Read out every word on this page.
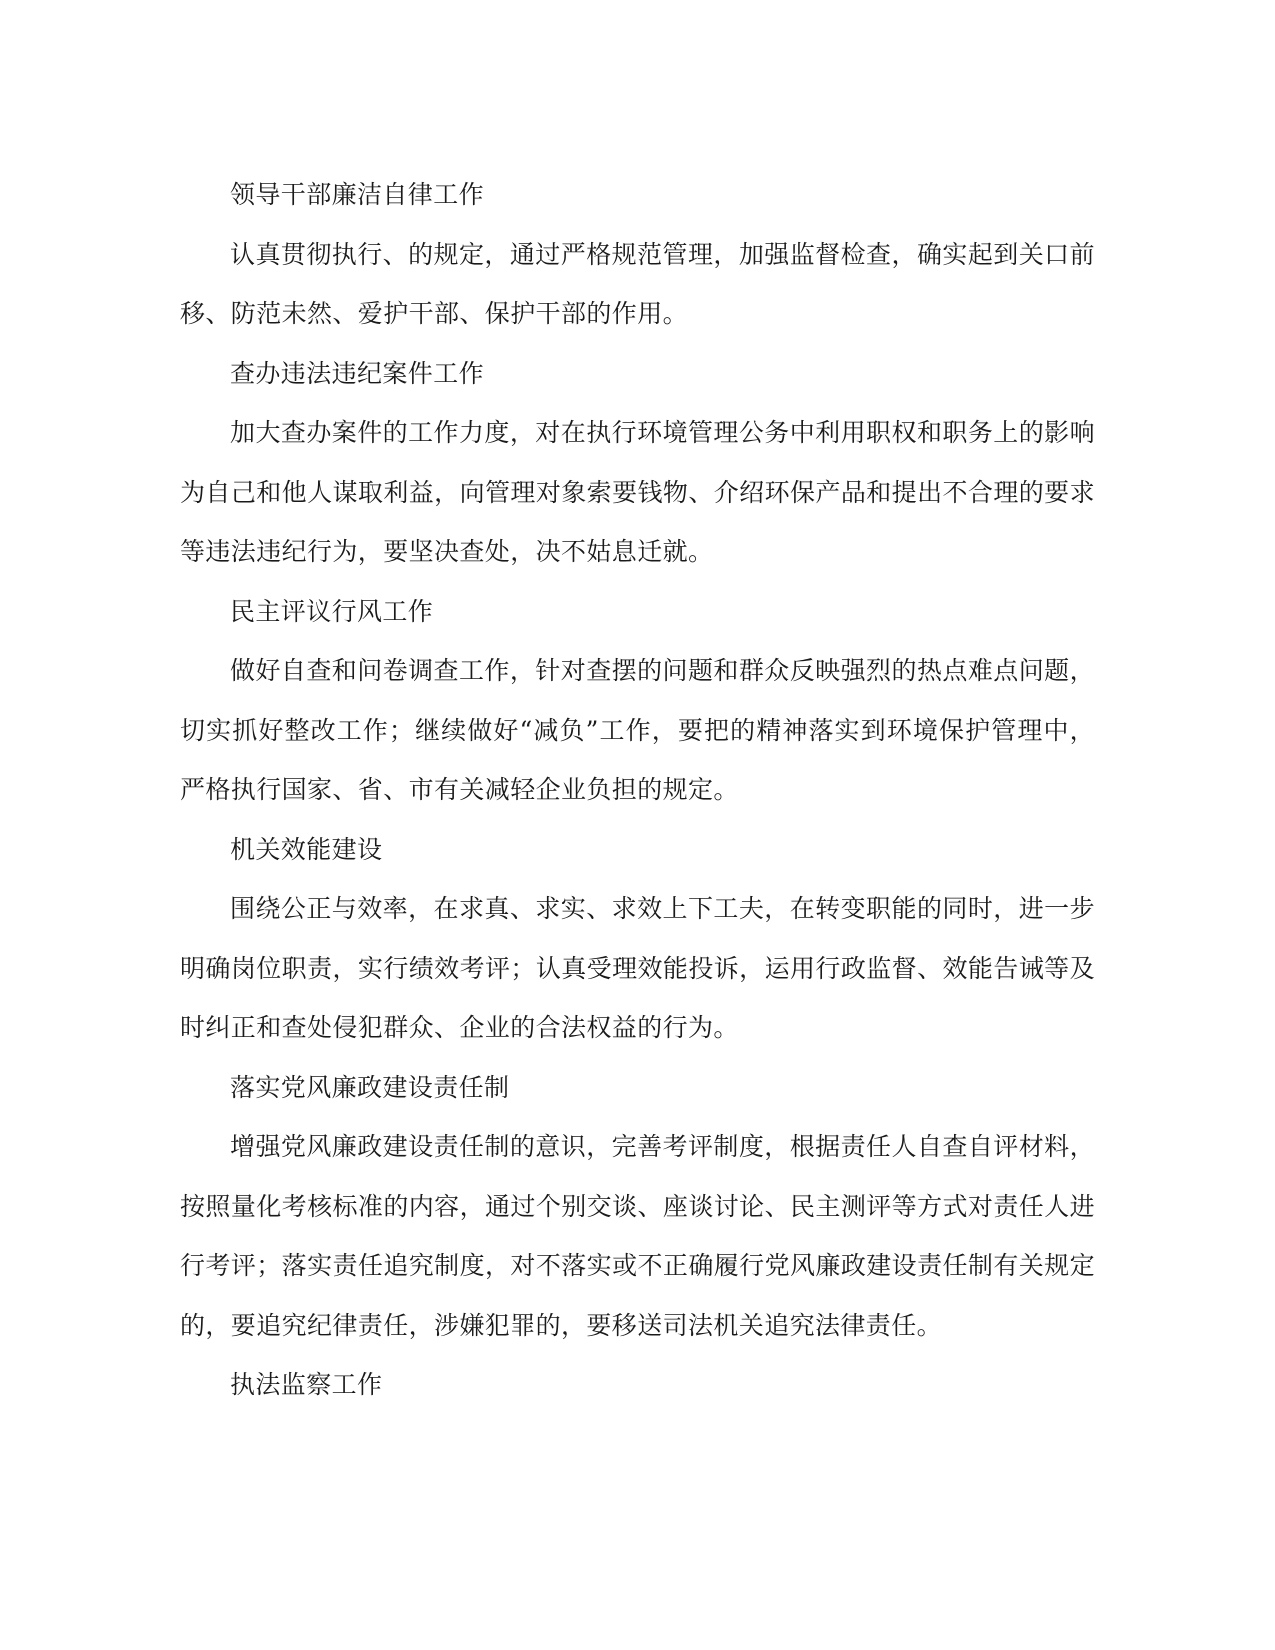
领导干部廉洁自律工作

认真贯彻执行、的规定，通过严格规范管理，加强监督检查，确实起到关口前移、防范未然、爱护干部、保护干部的作用。

查办违法违纪案件工作

加大查办案件的工作力度，对在执行环境管理公务中利用职权和职务上的影响为自己和他人谋取利益，向管理对象索要钱物、介绍环保产品和提出不合理的要求等违法违纪行为，要坚决查处，决不姑息迁就。

民主评议行风工作

做好自查和问卷调查工作，针对查摆的问题和群众反映强烈的热点难点问题，切实抓好整改工作；继续做好“减负”工作，要把的精神落实到环境保护管理中，严格执行国家、省、市有关减轻企业负担的规定。

机关效能建设

围绕公正与效率，在求真、求实、求效上下工夫，在转变职能的同时，进一步明确岗位职责，实行绩效考评；认真受理效能投诉，运用行政监督、效能告诫等及时纠正和查处侵犯群众、企业的合法权益的行为。

落实党风廉政建设责任制

增强党风廉政建设责任制的意识，完善考评制度，根据责任人自查自评材料，按照量化考核标准的内容，通过个别交谈、座谈讨论、民主测评等方式对责任人进行考评；落实责任追究制度，对不落实或不正确履行党风廉政建设责任制有关规定的，要追究纪律责任，涉嫌犯罪的，要移送司法机关追究法律责任。

执法监察工作
